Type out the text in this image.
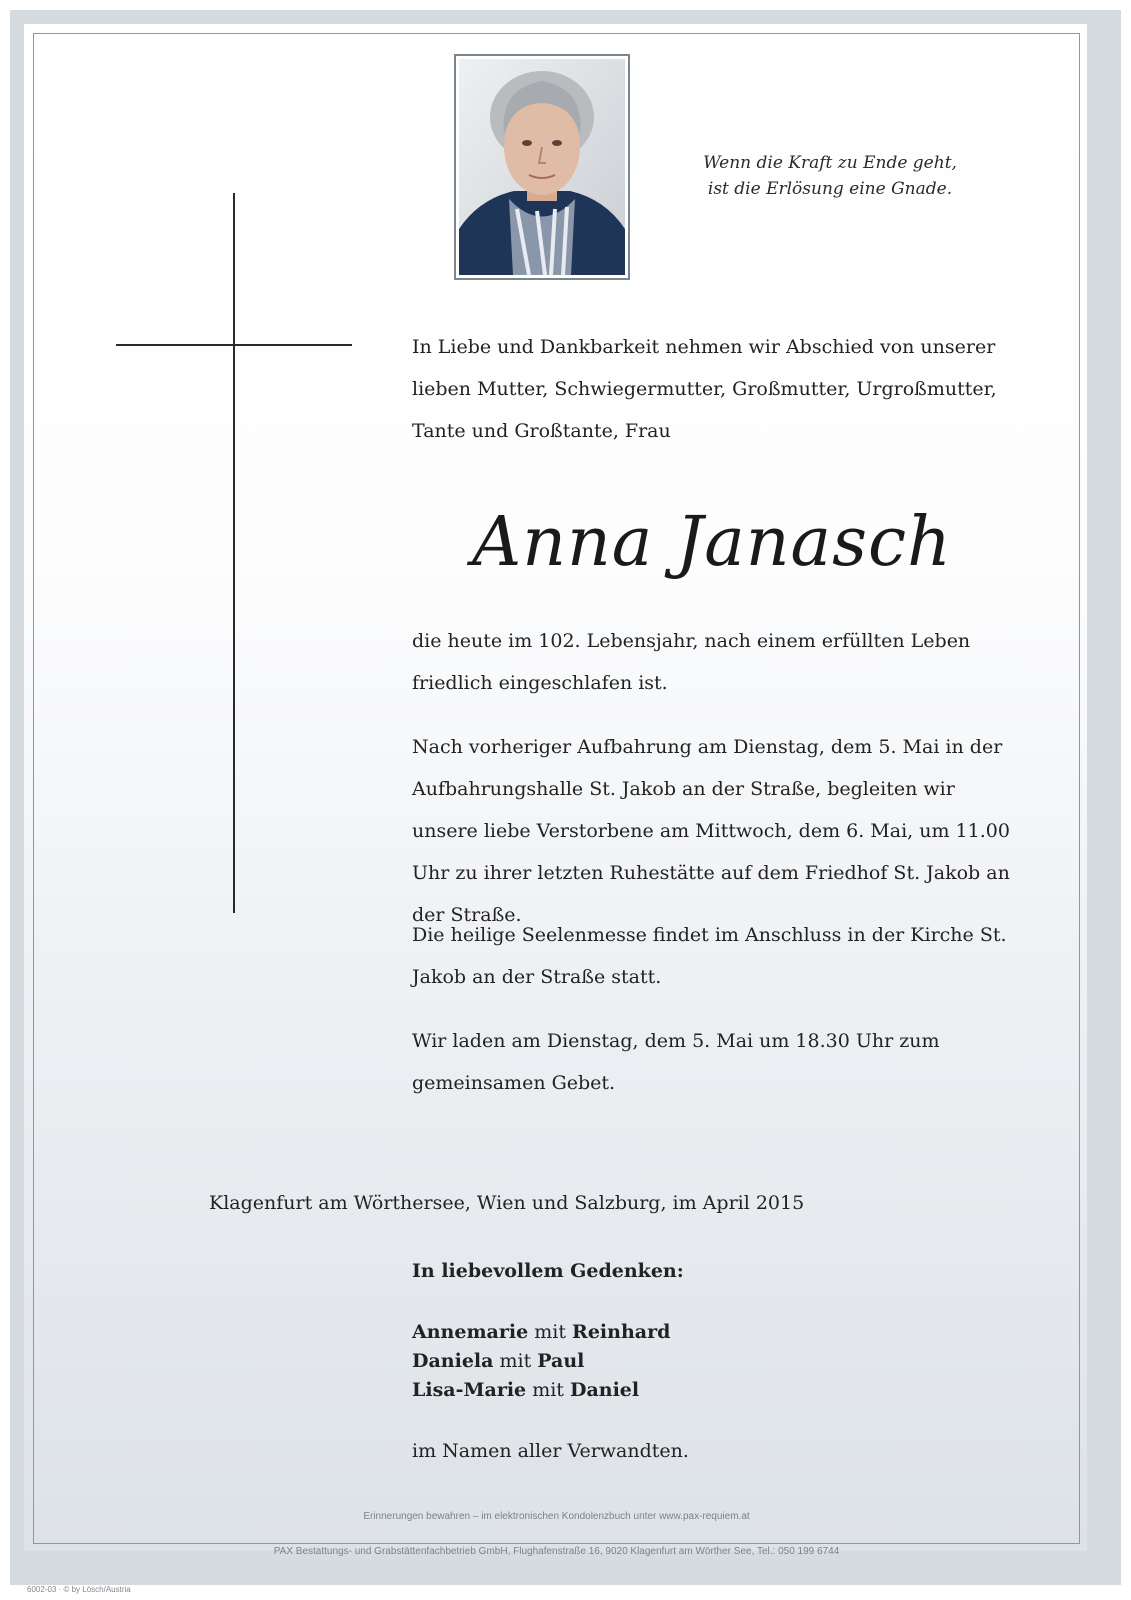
Wenn die Kraft zu Ende geht,
ist die Erlösung eine Gnade.
In Liebe und Dankbarkeit nehmen wir Abschied von unserer lieben Mutter, Schwiegermutter, Großmutter, Urgroßmutter, Tante und Großtante, Frau
Anna Janasch
die heute im 102. Lebensjahr, nach einem erfüllten Leben friedlich eingeschlafen ist.
Nach vorheriger Aufbahrung am Dienstag, dem 5. Mai in der Aufbahrungshalle St. Jakob an der Straße, begleiten wir unsere liebe Verstorbene am Mittwoch, dem 6. Mai, um 11.00 Uhr zu ihrer letzten Ruhestätte auf dem Friedhof St. Jakob an der Straße.
Die heilige Seelenmesse findet im Anschluss in der Kirche St. Jakob an der Straße statt.
Wir laden am Dienstag, dem 5. Mai um 18.30 Uhr zum gemeinsamen Gebet.
Klagenfurt am Wörthersee, Wien und Salzburg, im April 2015
In liebevollem Gedenken:
Annemarie mit Reinhard
Daniela mit Paul
Lisa-Marie mit Daniel
im Namen aller Verwandten.
Erinnerungen bewahren – im elektronischen Kondolenzbuch unter www.pax-requiem.at
PAX Bestattungs- und Grabstättenfachbetrieb GmbH, Flughafenstraße 16, 9020 Klagenfurt am Wörther See, Tel.: 050 199 6744
6002-03 · © by Lösch/Austria
